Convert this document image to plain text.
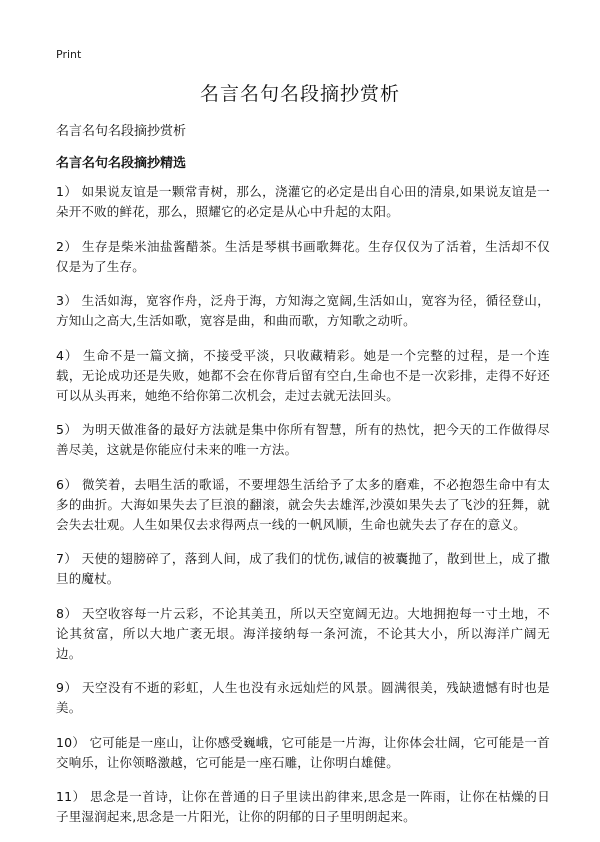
Print
名言名句名段摘抄赏析
名言名句名段摘抄赏析
名言名句名段摘抄精选

1） 如果说友谊是一颗常青树，那么，浇灌它的必定是出自心田的清泉,如果说友谊是一朵开不败的鲜花，那么，照耀它的必定是从心中升起的太阳。

2） 生存是柴米油盐酱醋茶。生活是琴棋书画歌舞花。生存仅仅为了活着，生活却不仅仅是为了生存。

3） 生活如海，宽容作舟，泛舟于海，方知海之宽阔,生活如山，宽容为径，循径登山，方知山之高大,生活如歌，宽容是曲，和曲而歌，方知歌之动听。

4） 生命不是一篇文摘，不接受平淡，只收藏精彩。她是一个完整的过程，是一个连载，无论成功还是失败，她都不会在你背后留有空白,生命也不是一次彩排，走得不好还可以从头再来，她绝不给你第二次机会，走过去就无法回头。

5） 为明天做准备的最好方法就是集中你所有智慧，所有的热忱，把今天的工作做得尽善尽美，这就是你能应付未来的唯一方法。

6） 微笑着，去唱生活的歌谣，不要埋怨生活给予了太多的磨难，不必抱怨生命中有太多的曲折。大海如果失去了巨浪的翻滚，就会失去雄浑,沙漠如果失去了飞沙的狂舞，就会失去壮观。人生如果仅去求得两点一线的一帆风顺，生命也就失去了存在的意义。

7） 天使的翅膀碎了，落到人间，成了我们的忧伤,诚信的被囊抛了，散到世上，成了撒旦的魔杖。

8） 天空收容每一片云彩，不论其美丑，所以天空宽阔无边。大地拥抱每一寸土地，不论其贫富，所以大地广袤无垠。海洋接纳每一条河流，不论其大小，所以海洋广阔无边。

9） 天空没有不逝的彩虹，人生也没有永远灿烂的风景。圆满很美，残缺遗憾有时也是美。

10） 它可能是一座山，让你感受巍峨，它可能是一片海，让你体会壮阔，它可能是一首交响乐，让你领略激越，它可能是一座石雕，让你明白雄健。

11） 思念是一首诗，让你在普通的日子里读出韵律来,思念是一阵雨，让你在枯燥的日子里湿润起来,思念是一片阳光，让你的阴郁的日子里明朗起来。
